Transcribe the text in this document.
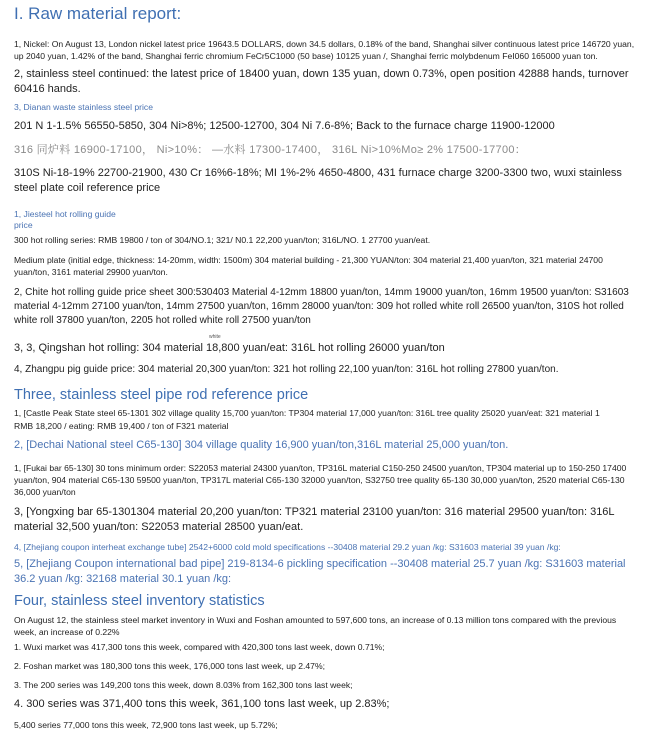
I. Raw material report:

1, Nickel: On August 13, London nickel latest price 19643.5 DOLLARS, down 34.5 dollars, 0.18% of the band, Shanghai silver continuous latest price 146720 yuan, up 2040 yuan, 1.42% of the band, Shanghai ferric chromium FeCr5C1000 (50 base) 10125 yuan /, Shanghai ferric molybdenum FeI060 165000 yuan ton.

2, stainless steel continued: the latest price of 18400 yuan, down 135 yuan, down 0.73%, open position 42888 hands, turnover 60416 hands.

3, Dianan waste stainless steel price

201 N 1-1.5% 56550-5850, 304 Ni>8%; 12500-12700, 304 Ni 7.6-8%; Back to the furnace charge 11900-12000

316 同炉料 16900-17100， Ni>10%： —水料 17300-17400， 316L Ni>10%Mo≥ 2% 17500-17700：

310S Ni-18-19% 22700-21900, 430 Cr 16%6-18%; MI 1%-2% 4650-4800, 431 furnace charge 3200-3300 two, wuxi stainless steel plate coil reference price

1, Jiesteel hot rolling guide

price

300 hot rolling series: RMB 19800 / ton of 304/NO.1; 321/ N0.1 22,200 yuan/ton; 316L/NO. 1 27700 yuan/eat.

Medium plate (initial edge, thickness: 14-20mm, width: 1500m) 304 material building - 21,300 YUAN/ton: 304 material 21,400 yuan/ton, 321 material 24700 yuan/ton, 3161 material 29900 yuan/ton.

2, Chite hot rolling guide price sheet 300:530403 Material 4-12mm 18800 yuan/ton, 14mm 19000 yuan/ton, 16mm 19500 yuan/ton: S31603 material 4-12mm 27100 yuan/ton, 14mm 27500 yuan/ton, 16mm 28000 yuan/ton: 309 hot rolled white roll 26500 yuan/ton, 310S hot rolled white roll 37800 yuan/ton, 2205 hot rolled white roll 27500 yuan/ton

white

3, 3, Qingshan hot rolling: 304 material 18,800 yuan/eat: 316L hot rolling 26000 yuan/ton

4, Zhangpu pig guide price: 304 material 20,300 yuan/ton: 321 hot rolling 22,100 yuan/ton: 316L hot rolling 27800 yuan/ton.

Three, stainless steel pipe rod reference price

1, [Castle Peak State steel 65-1301 302 village quality 15,700 yuan/ton: TP304 material 17,000 yuan/ton: 316L tree quality 25020 yuan/eat: 321 material 1

RMB 18,200 / eating: RMB 19,400 / ton of F321 material

2, [Dechai National steel C65-130] 304 village quality 16,900 yuan/ton,316L material 25,000 yuan/ton.

1, [Fukai bar 65-130] 30 tons minimum order: S22053 material 24300 yuan/ton, TP316L material C150-250 24500 yuan/ton, TP304 material up to 150-250 17400 yuan/ton, 904 material C65-130 59500 yuan/ton, TP317L material C65-130 32000 yuan/ton, S32750 tree quality 65-130 30,000 yuan/ton, 2520 material C65-130 36,000 yuan/ton

3, [Yongxing bar 65-1301304 material 20,200 yuan/ton: TP321 material 23100 yuan/ton: 316 material 29500 yuan/ton: 316L material 32,500 yuan/ton: S22053 material 28500 yuan/eat.

4, [Zhejiang coupon interheat exchange tube] 2542+6000 cold mold specifications --30408 material 29.2 yuan /kg: S31603 material 39 yuan /kg:

5, [Zhejiang Coupon international bad pipe] 219-8134-6 pickling specification --30408 material 25.7 yuan /kg: S31603 material 36.2 yuan /kg: 32168 material 30.1 yuan /kg:

Four, stainless steel inventory statistics

On August 12, the stainless steel market inventory in Wuxi and Foshan amounted to 597,600 tons, an increase of 0.13 million tons compared with the previous week, an increase of 0.22%

1. Wuxi market was 417,300 tons this week, compared with 420,300 tons last week, down 0.71%;

2. Foshan market was 180,300 tons this week, 176,000 tons last week, up 2.47%;

3. The 200 series was 149,200 tons this week, down 8.03% from 162,300 tons last week;

4. 300 series was 371,400 tons this week, 361,100 tons last week, up 2.83%;

5,400 series 77,000 tons this week, 72,900 tons last week, up 5.72%;
